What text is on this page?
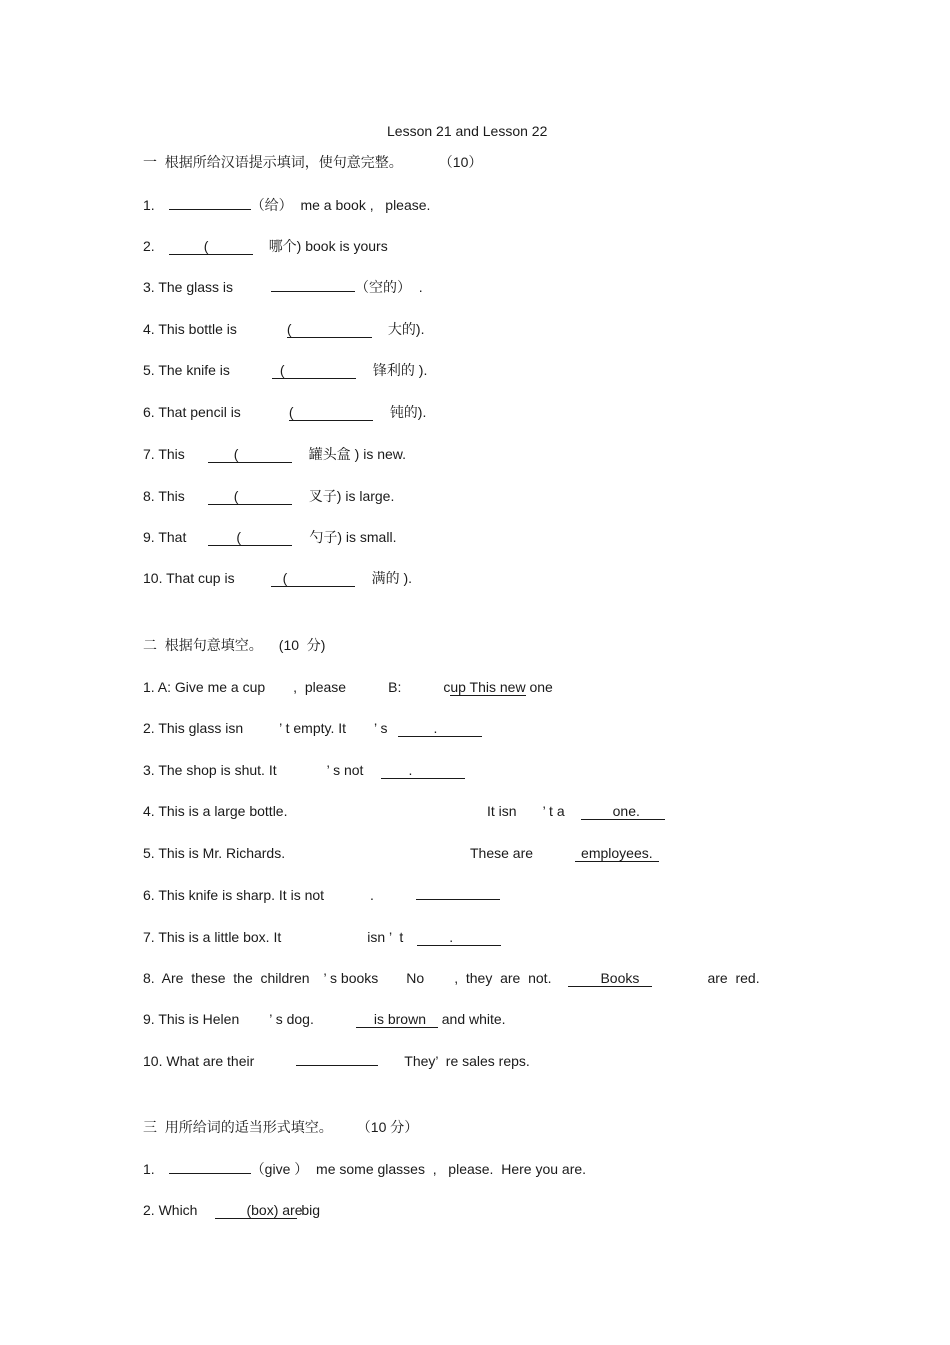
Lesson 21 and Lesson 22
一  根据所给汉语提示填词，使句意完整。	（10）
1.	（给）  me a book ,   please.
2.	(	哪个) book is yours
3. The glass is	（空的）  .
4. This bottle is	(	大的).
5. The knife is	(	锋利的 ).
6. That pencil is	(	钝的).
7. This	(	罐头盒 ) is new.
8. This	(	叉子) is large.
9. That	(	勺子) is small.
10. That cup is	(	满的 ).
二  根据句意填空。 (10  分)
1. A: Give me a cup ,  please	B:	cup This new one
2. This glass isn	’ t empty. It ’ s	.
3. The shop is shut. It	’ s not	.
4. This is a large bottle.	It isn ’ t a	one.
5. This is Mr. Richards.	These are	employees.
6. This knife is sharp. It is not	.
7. This is a little box. It	isn ’  t	.
8.  Are  these  the  children ’ s books No ,  they  are  not.	Books	are  red.
9. This is Helen ’ s dog.	is brown and white.
10. What are their	They’  re sales reps.
三  用所给词的适当形式填空。 （10 分）
1.	（give ）  me some glasses  ,   please.  Here you are.
2. Which	(box) are big
